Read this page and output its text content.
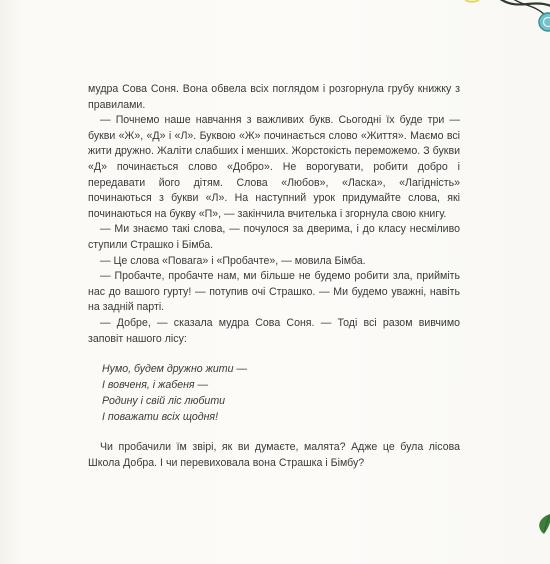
мудра Сова Соня. Вона обвела всіх поглядом і розгорнула грубу книжку з правилами.

— Почнемо наше навчання з важливих букв. Сьогодні їх буде три — букви «Ж», «Д» і «Л». Буквою «Ж» починається слово «Життя». Маємо всі жити дружно. Жаліти слабших і менших. Жорстокість переможемо. З букви «Д» починається слово «Добро». Не ворогувати, робити добро і передавати його дітям. Слова «Любов», «Ласка», «Лагідність» починаються з букви «Л». На наступний урок придумайте слова, які починаються на букву «П», — закінчила вчителька і згорнула свою книгу.

— Ми знаємо такі слова, — почулося за дверима, і до класу несміливо ступили Страшко і Бімба.

— Це слова «Повага» і «Пробачте», — мовила Бімба.

— Пробачте, пробачте нам, ми більше не будемо робити зла, прийміть нас до вашого гурту! — потупив очі Страшко. — Ми будемо уважні, навіть на задній парті.

— Добре, — сказала мудра Сова Соня. — Тоді всі разом вивчимо заповіт нашого лісу:

Нумо, будем дружно жити —
І вовченя, і жабеня —
Родину і свій ліс любити
І поважати всіх щодня!

Чи пробачили їм звірі, як ви думаєте, малята? Адже це була лісова Школа Добра. І чи перевиховала вона Страшка і Бімбу?
